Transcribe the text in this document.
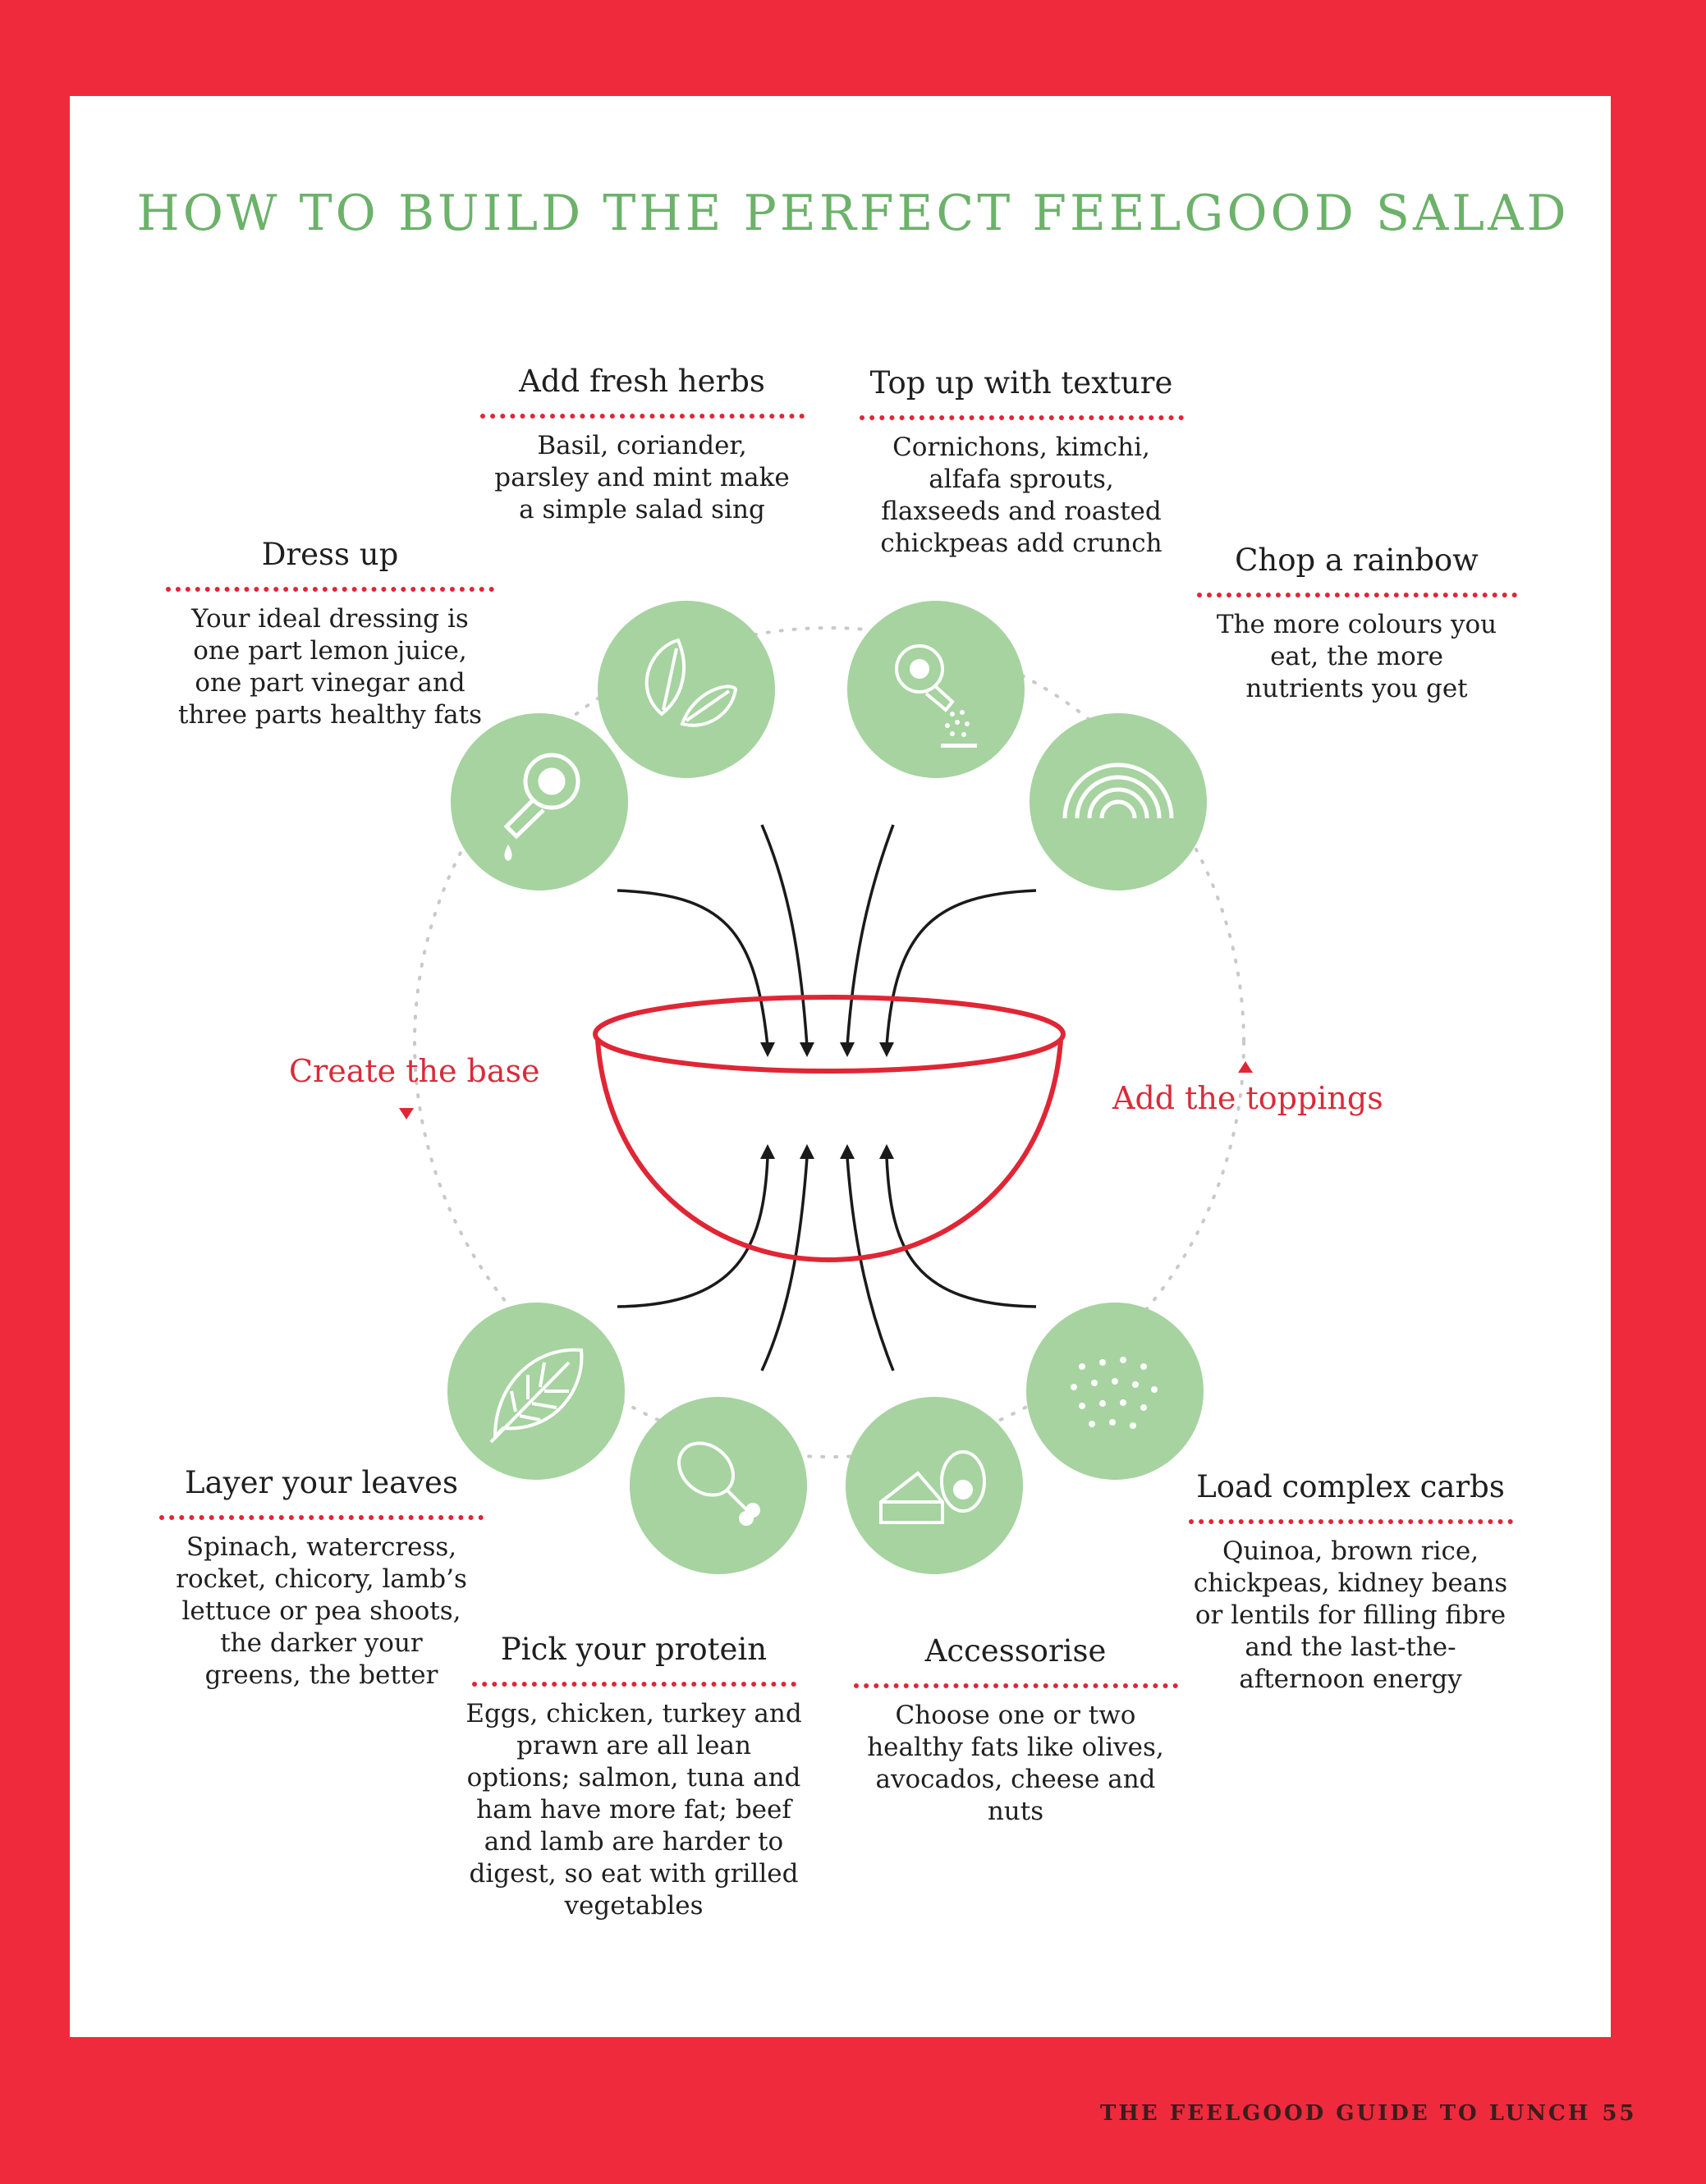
HOW TO BUILD THE PERFECT FEELGOOD SALAD
Create the base
Add the toppings
Add fresh herbs

Basil, coriander, parsley and mint make a simple salad sing

Top up with texture

Cornichons, kimchi, alfafa sprouts, flaxseeds and roasted chickpeas add crunch

Dress up

Your ideal dressing is one part lemon juice, one part vinegar and three parts healthy fats

Chop a rainbow

The more colours you eat, the more nutrients you get

Layer your leaves

Spinach, watercress, rocket, chicory, lamb’s lettuce or pea shoots, the darker your greens, the better

Load complex carbs

Quinoa, brown rice, chickpeas, kidney beans or lentils for filling fibre and the last-the-afternoon energy

Pick your protein

Eggs, chicken, turkey and prawn are all lean options; salmon, tuna and ham have more fat; beef and lamb are harder to digest, so eat with grilled vegetables

Accessorise

Choose one or two healthy fats like olives, avocados, cheese and nuts

THE FEELGOOD GUIDE TO LUNCH 55
